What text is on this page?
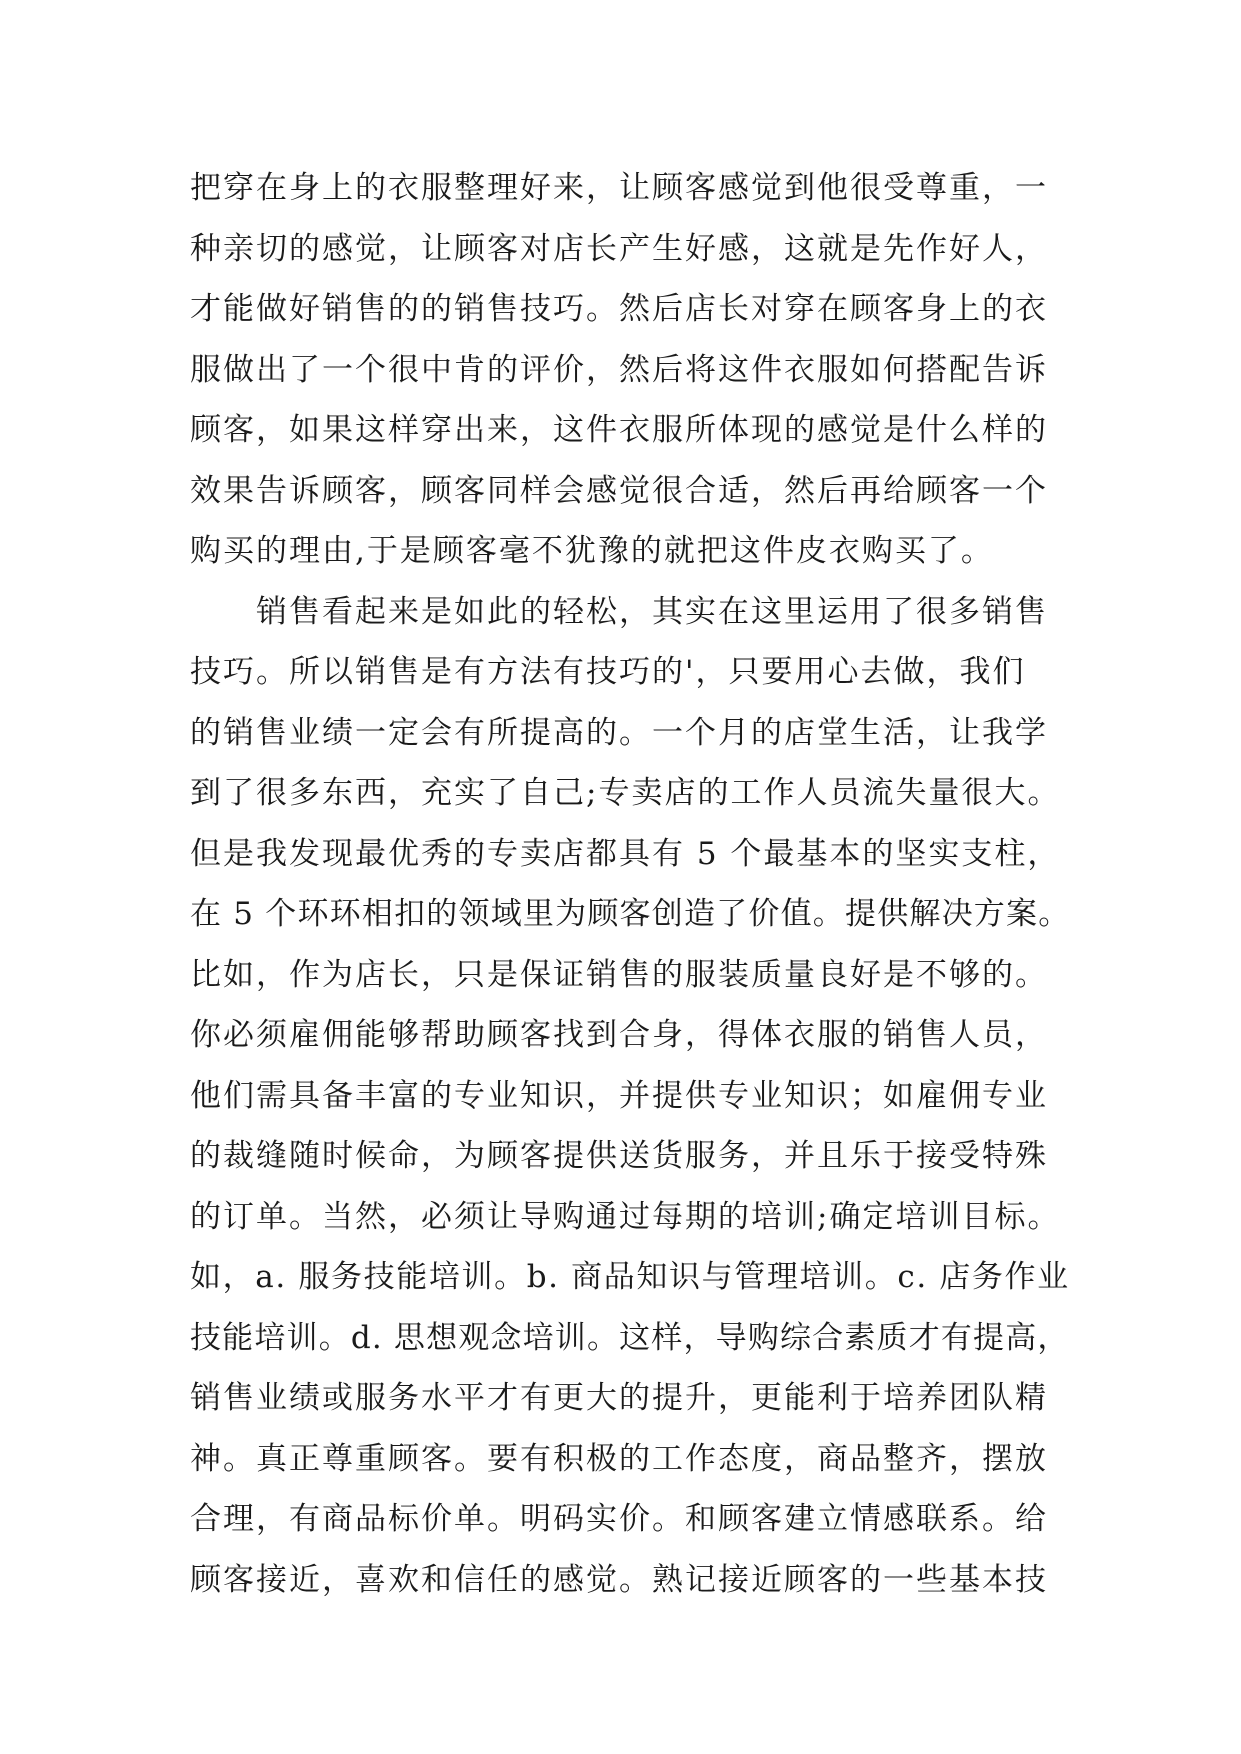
把穿在身上的衣服整理好来，让顾客感觉到他很受尊重，一
种亲切的感觉，让顾客对店长产生好感，这就是先作好人，
才能做好销售的的销售技巧。然后店长对穿在顾客身上的衣
服做出了一个很中肯的评价，然后将这件衣服如何搭配告诉
顾客，如果这样穿出来，这件衣服所体现的感觉是什么样的
效果告诉顾客，顾客同样会感觉很合适，然后再给顾客一个
购买的理由,于是顾客毫不犹豫的就把这件皮衣购买了。
　　销售看起来是如此的轻松，其实在这里运用了很多销售
技巧。所以销售是有方法有技巧的'，只要用心去做，我们
的销售业绩一定会有所提高的。一个月的店堂生活，让我学
到了很多东西，充实了自己;专卖店的工作人员流失量很大。
但是我发现最优秀的专卖店都具有 5 个最基本的坚实支柱，
在 5 个环环相扣的领域里为顾客创造了价值。提供解决方案。
比如，作为店长，只是保证销售的服装质量良好是不够的。
你必须雇佣能够帮助顾客找到合身，得体衣服的销售人员，
他们需具备丰富的专业知识，并提供专业知识；如雇佣专业
的裁缝随时候命，为顾客提供送货服务，并且乐于接受特殊
的订单。当然，必须让导购通过每期的培训;确定培训目标。
如，a. 服务技能培训。b. 商品知识与管理培训。c. 店务作业
技能培训。d. 思想观念培训。这样，导购综合素质才有提高，
销售业绩或服务水平才有更大的提升，更能利于培养团队精
神。真正尊重顾客。要有积极的工作态度，商品整齐，摆放
合理，有商品标价单。明码实价。和顾客建立情感联系。给
顾客接近，喜欢和信任的感觉。熟记接近顾客的一些基本技
